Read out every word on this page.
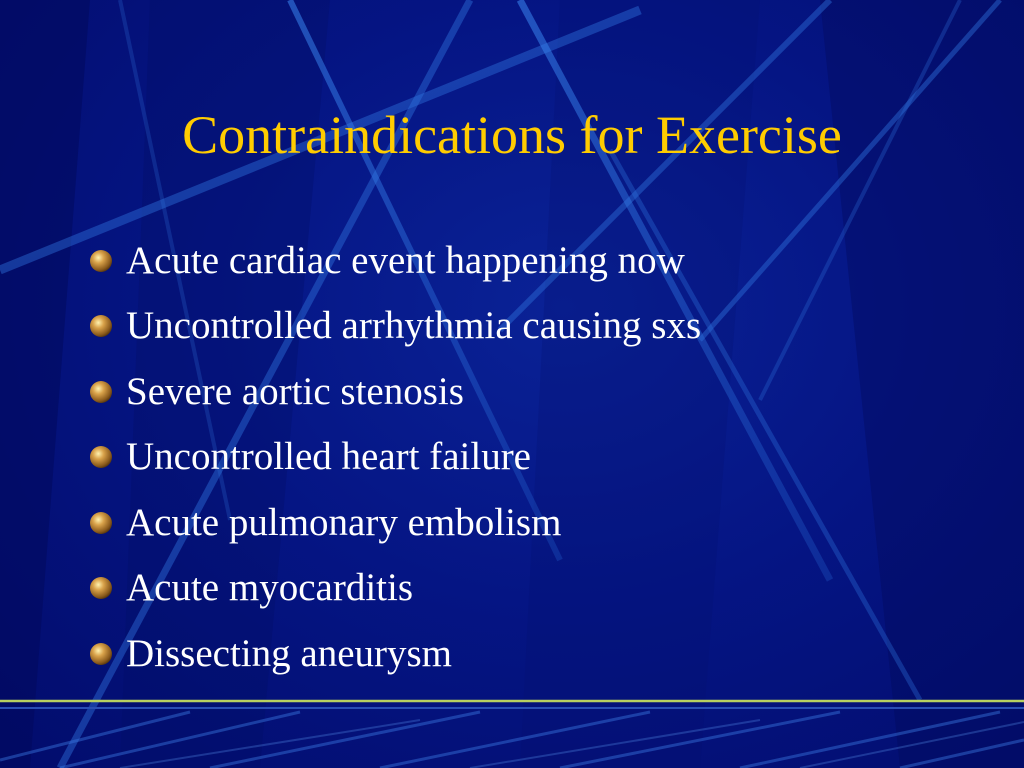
Contraindications for Exercise
Acute cardiac event happening now
Uncontrolled arrhythmia causing sxs
Severe aortic stenosis
Uncontrolled heart failure
Acute pulmonary embolism
Acute myocarditis
Dissecting aneurysm
